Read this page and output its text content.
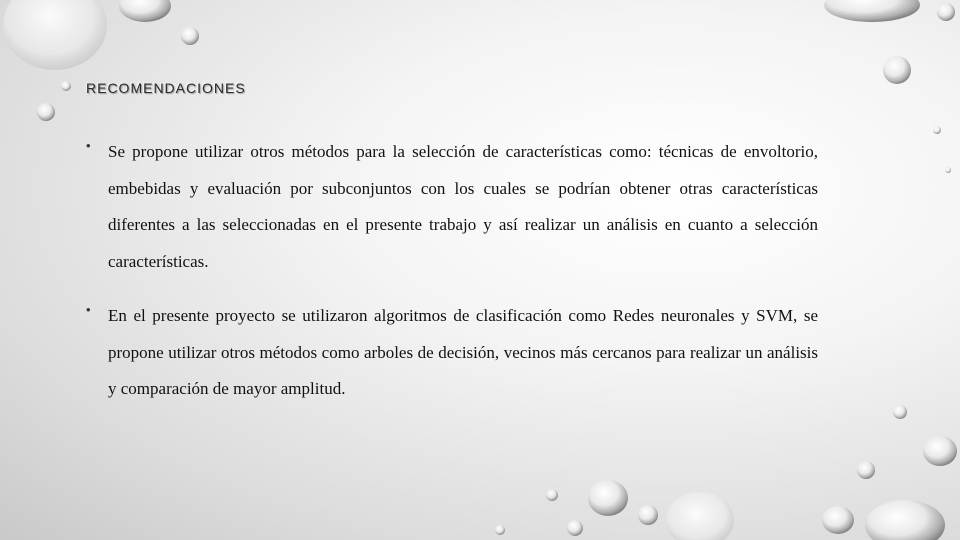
RECOMENDACIONES
• Se propone utilizar otros métodos para la selección de características como: técnicas de envoltorio, embebidas y evaluación por subconjuntos con los cuales se podrían obtener otras características diferentes a las seleccionadas en el presente trabajo y así realizar un análisis en cuanto a selección características.
• En el presente proyecto se utilizaron algoritmos de clasificación como Redes neuronales y SVM, se propone utilizar otros métodos como arboles de decisión, vecinos más cercanos para realizar un análisis y comparación de mayor amplitud.
